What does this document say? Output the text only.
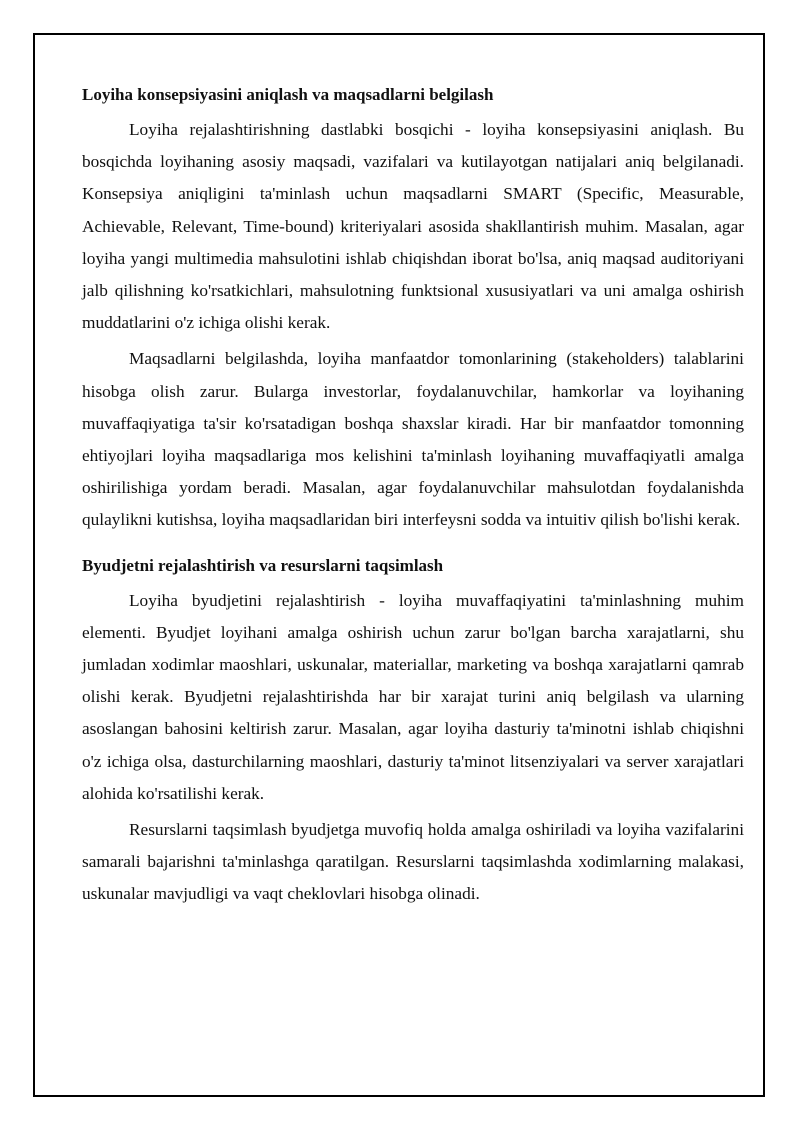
Loyiha konsepsiyasini aniqlash va maqsadlarni belgilash

Loyiha rejalashtirishning dastlabki bosqichi - loyiha konsepsiyasini aniqlash. Bu bosqichda loyihaning asosiy maqsadi, vazifalari va kutilayotgan natijalari aniq belgilanadi. Konsepsiya aniqligini ta'minlash uchun maqsadlarni SMART (Specific, Measurable, Achievable, Relevant, Time-bound) kriteriyalari asosida shakllantirish muhim. Masalan, agar loyiha yangi multimedia mahsulotini ishlab chiqishdan iborat bo'lsa, aniq maqsad auditoriyani jalb qilishning ko'rsatkichlari, mahsulotning funktsional xususiyatlari va uni amalga oshirish muddatlarini o'z ichiga olishi kerak.

Maqsadlarni belgilashda, loyiha manfaatdor tomonlarining (stakeholders) talablarini hisobga olish zarur. Bularga investorlar, foydalanuvchilar, hamkorlar va loyihaning muvaffaqiyatiga ta'sir ko'rsatadigan boshqa shaxslar kiradi. Har bir manfaatdor tomonning ehtiyojlari loyiha maqsadlariga mos kelishini ta'minlash loyihaning muvaffaqiyatli amalga oshirilishiga yordam beradi. Masalan, agar foydalanuvchilar mahsulotdan foydalanishda qulaylikni kutishsa, loyiha maqsadlaridan biri interfeysni sodda va intuitiv qilish bo'lishi kerak.

Byudjetni rejalashtirish va resurslarni taqsimlash

Loyiha byudjetini rejalashtirish - loyiha muvaffaqiyatini ta'minlashning muhim elementi. Byudjet loyihani amalga oshirish uchun zarur bo'lgan barcha xarajatlarni, shu jumladan xodimlar maoshlari, uskunalar, materiallar, marketing va boshqa xarajatlarni qamrab olishi kerak. Byudjetni rejalashtirishda har bir xarajat turini aniq belgilash va ularning asoslangan bahosini keltirish zarur. Masalan, agar loyiha dasturiy ta'minotni ishlab chiqishni o'z ichiga olsa, dasturchilarning maoshlari, dasturiy ta'minot litsenziyalari va server xarajatlari alohida ko'rsatilishi kerak.

Resurslarni taqsimlash byudjetga muvofiq holda amalga oshiriladi va loyiha vazifalarini samarali bajarishni ta'minlashga qaratilgan. Resurslarni taqsimlashda xodimlarning malakasi, uskunalar mavjudligi va vaqt cheklovlari hisobga olinadi.
